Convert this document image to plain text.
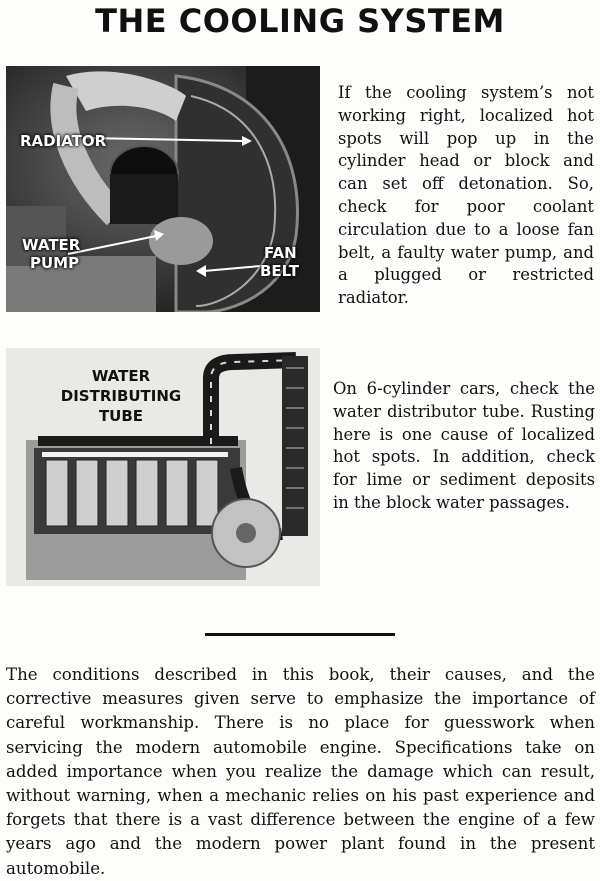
THE COOLING SYSTEM
RADIATOR
WATER
PUMP
FAN
BELT

If the cooling system’s not working right, localized hot spots will pop up in the cylinder head or block and can set off detonation. So, check for poor coolant circulation due to a loose fan belt, a faulty water pump, and a plugged or restricted radiator.

WATER
DISTRIBUTING
TUBE

On 6-cylinder cars, check the water distributor tube. Rusting here is one cause of localized hot spots. In addition, check for lime or sediment deposits in the block water passages.

The conditions described in this book, their causes, and the corrective measures given serve to emphasize the importance of careful workmanship. There is no place for guesswork when servicing the modern automobile engine. Specifications take on added importance when you realize the damage which can result, without warning, when a mechanic relies on his past experience and forgets that there is a vast difference between the engine of a few years ago and the modern power plant found in the present automobile.
